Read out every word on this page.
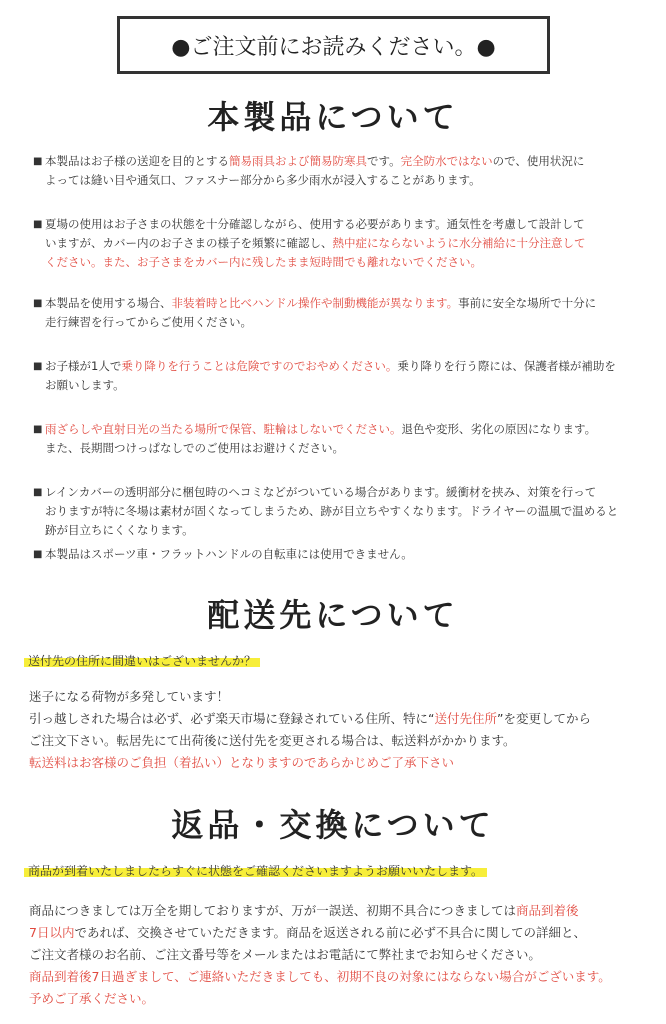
●ご注文前にお読みください。●
本製品について
■ 本製品はお子様の送迎を目的とする簡易雨具および簡易防寒具です。完全防水ではないので、使用状況に
よっては縫い目や通気口、ファスナー部分から多少雨水が浸入することがあります。
■ 夏場の使用はお子さまの状態を十分確認しながら、使用する必要があります。通気性を考慮して設計して
いますが、カバー内のお子さまの様子を頻繁に確認し、熱中症にならないように水分補給に十分注意して
ください。また、お子さまをカバー内に残したまま短時間でも離れないでください。
■ 本製品を使用する場合、非装着時と比べハンドル操作や制動機能が異なります。事前に安全な場所で十分に
走行練習を行ってからご使用ください。
■ お子様が1人で乗り降りを行うことは危険ですのでおやめください。乗り降りを行う際には、保護者様が補助を
お願いします。
■ 雨ざらしや直射日光の当たる場所で保管、駐輪はしないでください。退色や変形、劣化の原因になります。
また、長期間つけっぱなしでのご使用はお避けください。
■ レインカバーの透明部分に梱包時のヘコミなどがついている場合があります。緩衝材を挟み、対策を行って
おりますが特に冬場は素材が固くなってしまうため、跡が目立ちやすくなります。ドライヤーの温風で温めると
跡が目立ちにくくなります。
■ 本製品はスポーツ車・フラットハンドルの自転車には使用できません。
配送先について
送付先の住所に間違いはございませんか？
迷子になる荷物が多発しています！
引っ越しされた場合は必ず、必ず楽天市場に登録されている住所、特に“送付先住所”を変更してから
ご注文下さい。転居先にて出荷後に送付先を変更される場合は、転送料がかかります。
転送料はお客様のご負担（着払い）となりますのであらかじめご了承下さい
返品・交換について
商品が到着いたしましたらすぐに状態をご確認くださいますようお願いいたします。
商品につきましては万全を期しておりますが、万が一誤送、初期不具合につきましては商品到着後
7日以内であれば、交換させていただきます。商品を返送される前に必ず不具合に関しての詳細と、
ご注文者様のお名前、ご注文番号等をメールまたはお電話にて弊社までお知らせください。
商品到着後7日過ぎまして、ご連絡いただきましても、初期不良の対象にはならない場合がございます。
予めご了承ください。
